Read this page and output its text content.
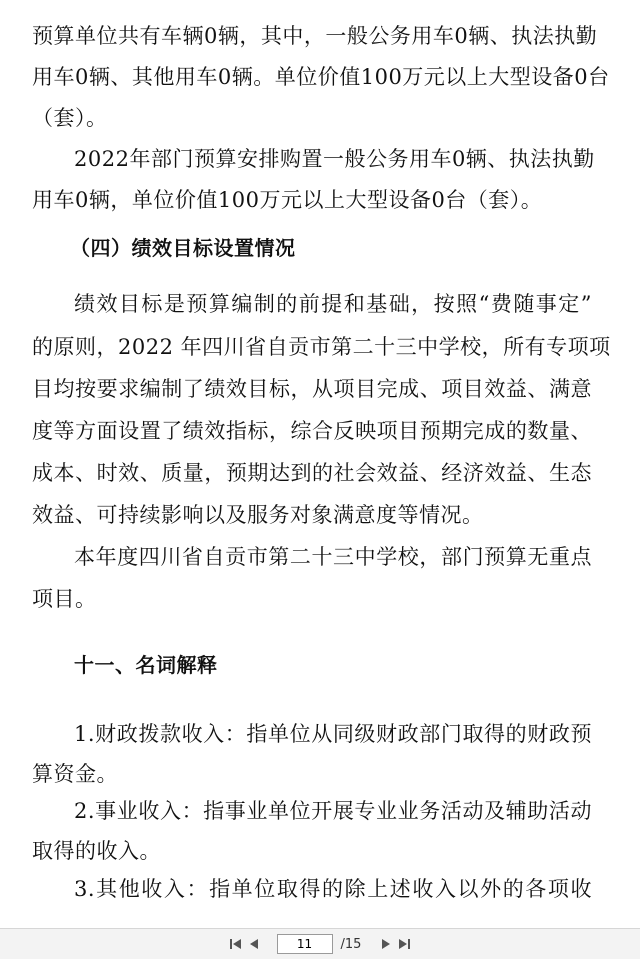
预算单位共有车辆0辆，其中，一般公务用车0辆、执法执勤
用车0辆、其他用车0辆。单位价值100万元以上大型设备0台
（套）。
2022年部门预算安排购置一般公务用车0辆、执法执勤
用车0辆，单位价值100万元以上大型设备0台（套）。
（四）绩效目标设置情况
绩效目标是预算编制的前提和基础，按照“费随事定”
的原则，2022 年四川省自贡市第二十三中学校，所有专项项
目均按要求编制了绩效目标，从项目完成、项目效益、满意
度等方面设置了绩效指标，综合反映项目预期完成的数量、
成本、时效、质量，预期达到的社会效益、经济效益、生态
效益、可持续影响以及服务对象满意度等情况。
本年度四川省自贡市第二十三中学校，部门预算无重点
项目。
十一、名词解释
1.财政拨款收入：指单位从同级财政部门取得的财政预
算资金。
2.事业收入：指事业单位开展专业业务活动及辅助活动
取得的收入。
3.其他收入：指单位取得的除上述收入以外的各项收
11
/15
